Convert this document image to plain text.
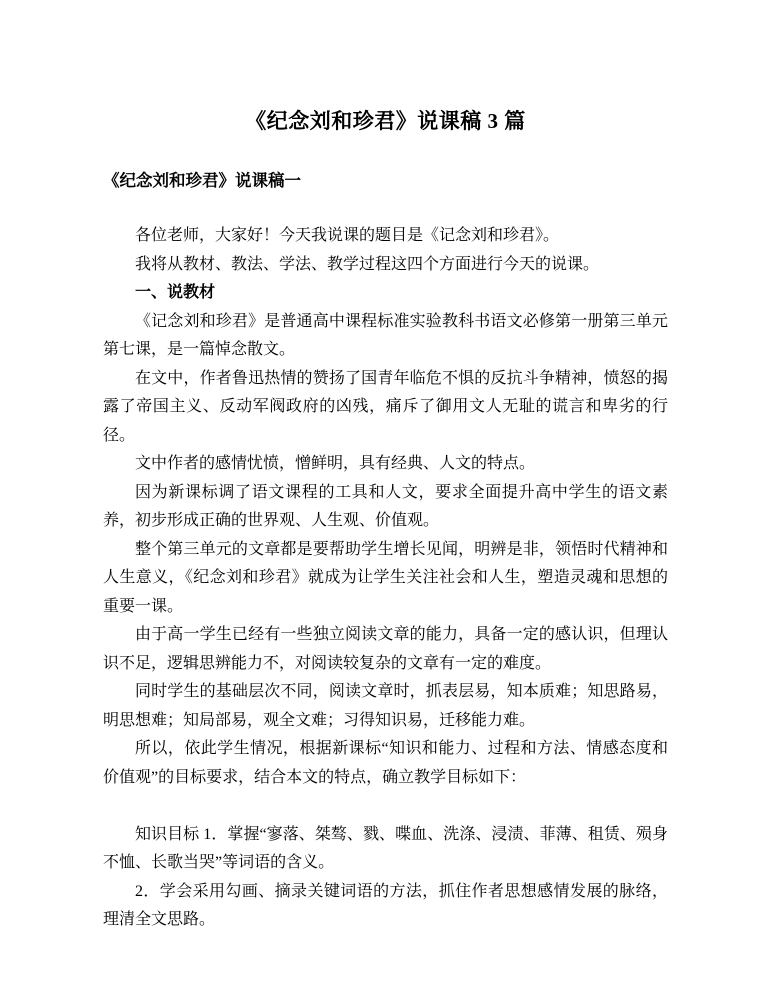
《纪念刘和珍君》说课稿 3 篇
《纪念刘和珍君》说课稿一

各位老师，大家好！今天我说课的题目是《记念刘和珍君》。

我将从教材、教法、学法、教学过程这四个方面进行今天的说课。

一、说教材

《记念刘和珍君》是普通高中课程标准实验教科书语文必修第一册第三单元第七课，是一篇悼念散文。

在文中，作者鲁迅热情的赞扬了国青年临危不惧的反抗斗争精神，愤怒的揭露了帝国主义、反动军阀政府的凶残，痛斥了御用文人无耻的谎言和卑劣的行径。

文中作者的感情忧愤，憎鲜明，具有经典、人文的特点。

因为新课标调了语文课程的工具和人文，要求全面提升高中学生的语文素养，初步形成正确的世界观、人生观、价值观。

整个第三单元的文章都是要帮助学生增长见闻，明辨是非，领悟时代精神和人生意义，《纪念刘和珍君》就成为让学生关注社会和人生，塑造灵魂和思想的重要一课。

由于高一学生已经有一些独立阅读文章的能力，具备一定的感认识，但理认识不足，逻辑思辨能力不，对阅读较复杂的文章有一定的难度。

同时学生的基础层次不同，阅读文章时，抓表层易，知本质难；知思路易，明思想难；知局部易，观全文难；习得知识易，迁移能力难。

所以，依此学生情况，根据新课标“知识和能力、过程和方法、情感态度和价值观”的目标要求，结合本文的特点，确立教学目标如下：

知识目标 1．掌握“寥落、桀骜、戮、喋血、洗涤、浸渍、菲薄、租赁、殒身不恤、长歌当哭”等词语的含义。

2．学会采用勾画、摘录关键词语的方法，抓住作者思想感情发展的脉络，理清全文思路。
